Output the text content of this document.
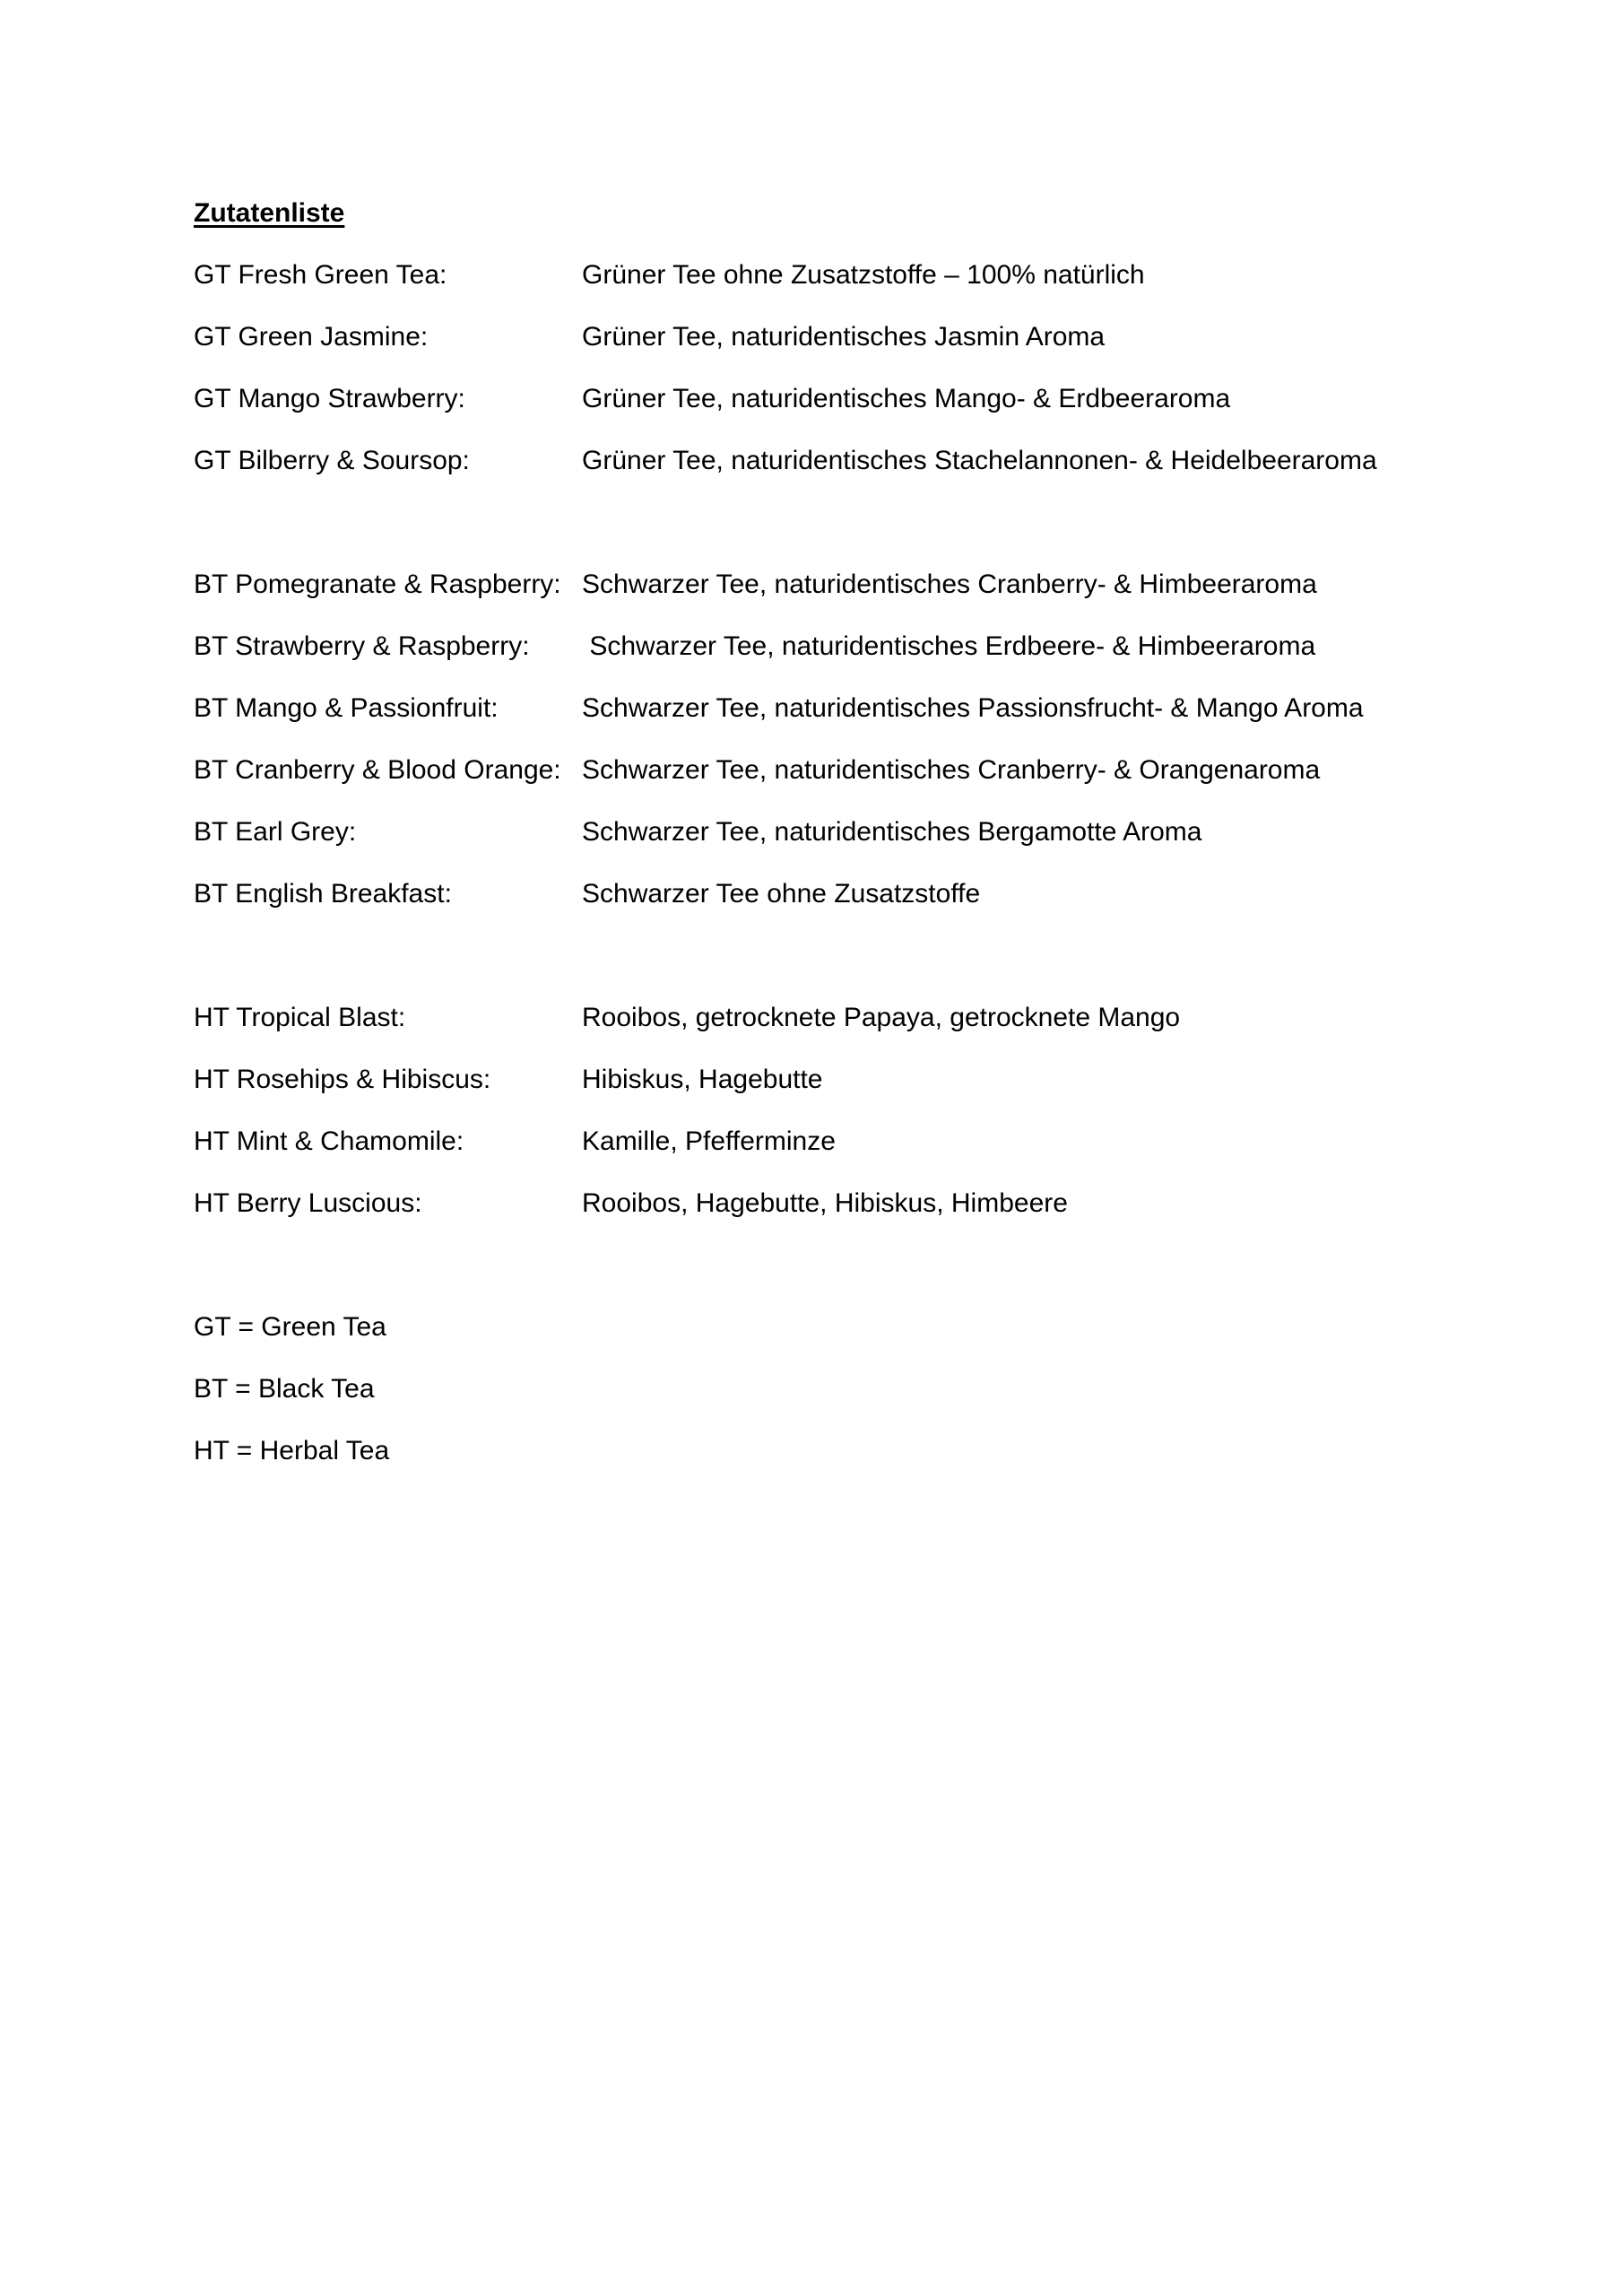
Zutatenliste
GT Fresh Green Tea:	Grüner Tee ohne Zusatzstoffe – 100% natürlich
GT Green Jasmine:	Grüner Tee, naturidentisches Jasmin Aroma
GT Mango Strawberry:	Grüner Tee, naturidentisches Mango- & Erdbeeraroma
GT Bilberry & Soursop:	Grüner Tee, naturidentisches Stachelannonen- & Heidelbeeraroma
BT Pomegranate & Raspberry: Schwarzer Tee, naturidentisches Cranberry- & Himbeeraroma
BT Strawberry & Raspberry:	Schwarzer Tee, naturidentisches Erdbeere- & Himbeeraroma
BT Mango & Passionfruit:	Schwarzer Tee, naturidentisches Passionsfrucht- & Mango Aroma
BT Cranberry & Blood Orange: Schwarzer Tee, naturidentisches Cranberry- & Orangenaroma
BT Earl Grey:	Schwarzer Tee, naturidentisches Bergamotte Aroma
BT English Breakfast:	Schwarzer Tee ohne Zusatzstoffe
HT Tropical Blast:	Rooibos, getrocknete Papaya, getrocknete Mango
HT Rosehips & Hibiscus:	Hibiskus, Hagebutte
HT Mint & Chamomile:	Kamille, Pfefferminze
HT Berry Luscious:	Rooibos, Hagebutte, Hibiskus, Himbeere
GT = Green Tea
BT = Black Tea
HT = Herbal Tea
